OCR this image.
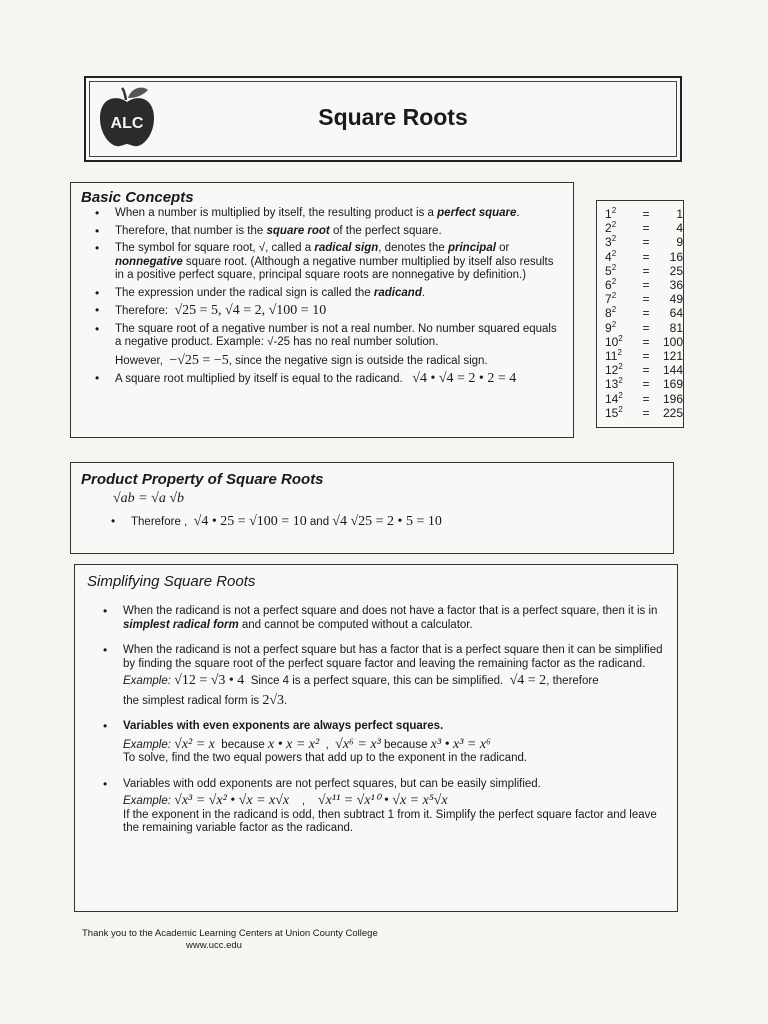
ALC	Square Roots
Basic Concepts
• When a number is multiplied by itself, the resulting product is a perfect square.
• Therefore, that number is the square root of the perfect square.
• The symbol for square root, √, called a radical sign, denotes the principal or nonnegative square root. (Although a negative number multiplied by itself also results in a positive perfect square, principal square roots are nonnegative by definition.)
• The expression under the radical sign is called the radicand.
• Therefore: √25 = 5, √4 = 2, √100 = 10
• The square root of a negative number is not a real number. No number squared equals a negative product. Example: √-25 has no real number solution.
However, −√25 = −5, since the negative sign is outside the radical sign.
• A square root multiplied by itself is equal to the radicand. √4 • √4 = 2 • 2 = 4
$1^2$	=	1
$2^2$	=	4
$3^2$	=	9
$4^2$	=	16
$5^2$	=	25
$6^2$	=	36
$7^2$	=	49
$8^2$	=	64
$9^2$	=	81
$10^2$	=	100
$11^2$	=	121
$12^2$	=	144
$13^2$	=	169
$14^2$	=	196
$15^2$	=	225
Product Property of Square Roots
√ab = √a √b
• Therefore , √4 • 25 = √100 = 10 and √4 √25 = 2 • 5 = 10
Simplifying Square Roots
• When the radicand is not a perfect square and does not have a factor that is a perfect square, then it is in simplest radical form and cannot be computed without a calculator.
• When the radicand is not a perfect square but has a factor that is a perfect square then it can be simplified by finding the square root of the perfect square factor and leaving the remaining factor as the radicand.
Example: √12 = √3 • 4 Since 4 is a perfect square, this can be simplified. √4 = 2, therefore
the simplest radical form is 2√3.
• Variables with even exponents are always perfect squares.
Example: √x² = x because x • x = x² , √x⁶ = x³ because x³ • x³ = x⁶
To solve, find the two equal powers that add up to the exponent in the radicand.
• Variables with odd exponents are not perfect squares, but can be easily simplified.
Example: √x³ = √x² • √x = x√x , √x¹¹ = √x¹⁰ • √x = x⁵√x
If the exponent in the radicand is odd, then subtract 1 from it. Simplify the perfect square factor and leave the remaining variable factor as the radicand.
Thank you to the Academic Learning Centers at Union County College
www.ucc.edu
